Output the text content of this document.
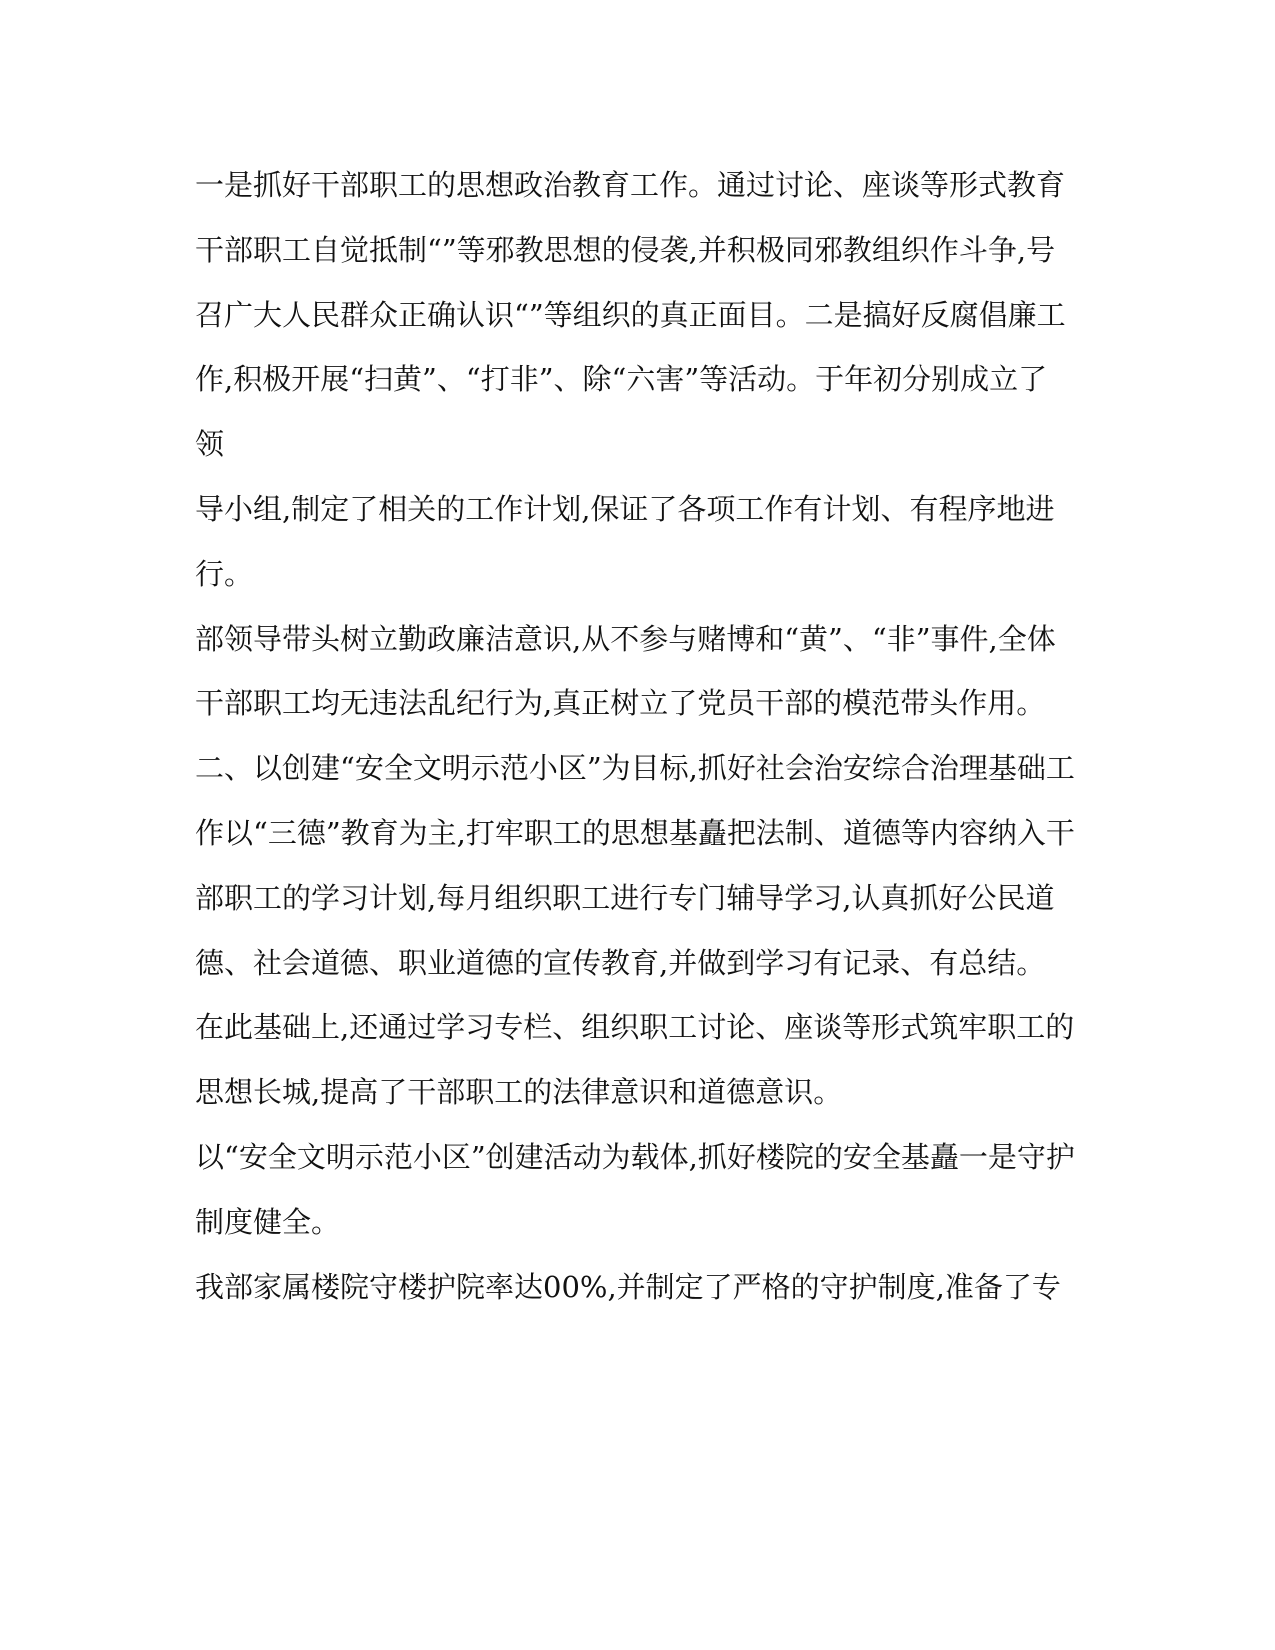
一是抓好干部职工的思想政治教育工作。通过讨论、座谈等形式教育干部职工自觉抵制“”等邪教思想的侵袭,并积极同邪教组织作斗争,号召广大人民群众正确认识“”等组织的真正面目。二是搞好反腐倡廉工作,积极开展“扫黄”、“打非”、除“六害”等活动。于年初分别成立了领

导小组,制定了相关的工作计划,保证了各项工作有计划、有程序地进行。

部领导带头树立勤政廉洁意识,从不参与赌博和“黄”、“非”事件,全体干部职工均无违法乱纪行为,真正树立了党员干部的模范带头作用。

二、以创建“安全文明示范小区”为目标,抓好社会治安综合治理基础工作以“三德”教育为主,打牢职工的思想基矗把法制、道德等内容纳入干部职工的学习计划,每月组织职工进行专门辅导学习,认真抓好公民道德、社会道德、职业道德的宣传教育,并做到学习有记录、有总结。

在此基础上,还通过学习专栏、组织职工讨论、座谈等形式筑牢职工的思想长城,提高了干部职工的法律意识和道德意识。

以“安全文明示范小区”创建活动为载体,抓好楼院的安全基矗一是守护制度健全。

我部家属楼院守楼护院率达00%,并制定了严格的守护制度,准备了专
